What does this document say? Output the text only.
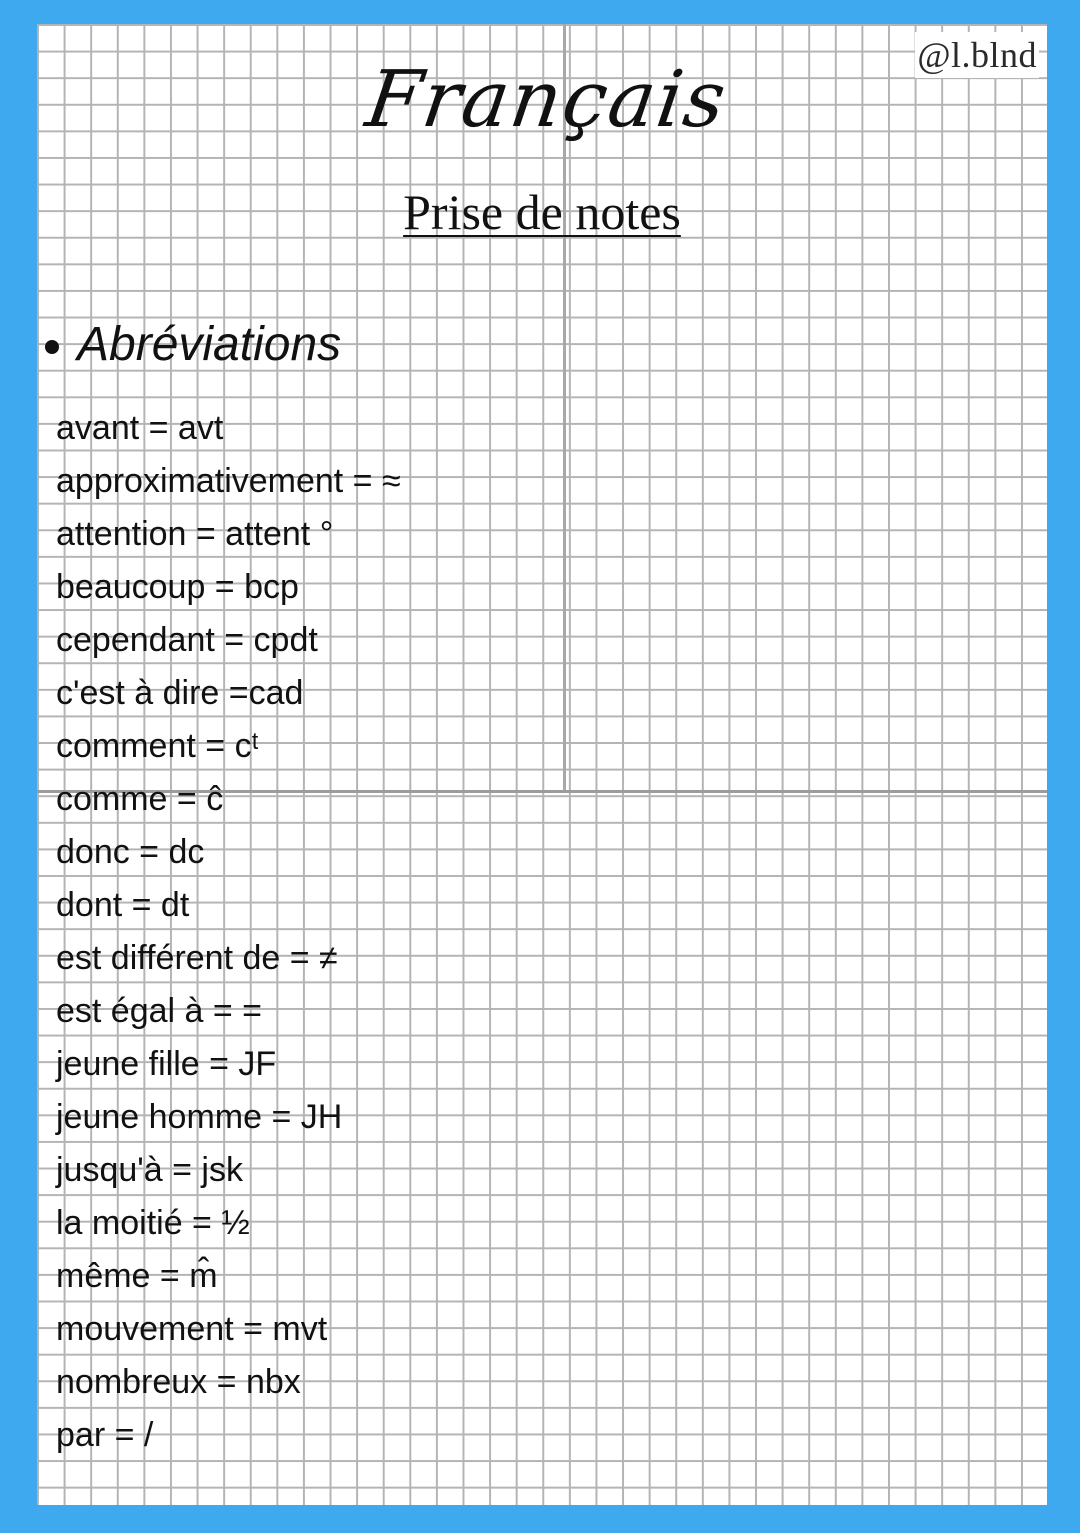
@l.blnd
Français
Prise de notes
Abréviations
avant = avt
approximativement = ≈
attention = attent °
beaucoup = bcp
cependant = cpdt
c'est à dire =cad
comment = cᵗ
comme = ĉ
donc = dc
dont = dt
est différent de = ≠
est égal à = =
jeune fille = JF
jeune homme = JH
jusqu'à = jsk
la moitié = ½
même = m̂
mouvement = mvt
nombreux = nbx
par = /
